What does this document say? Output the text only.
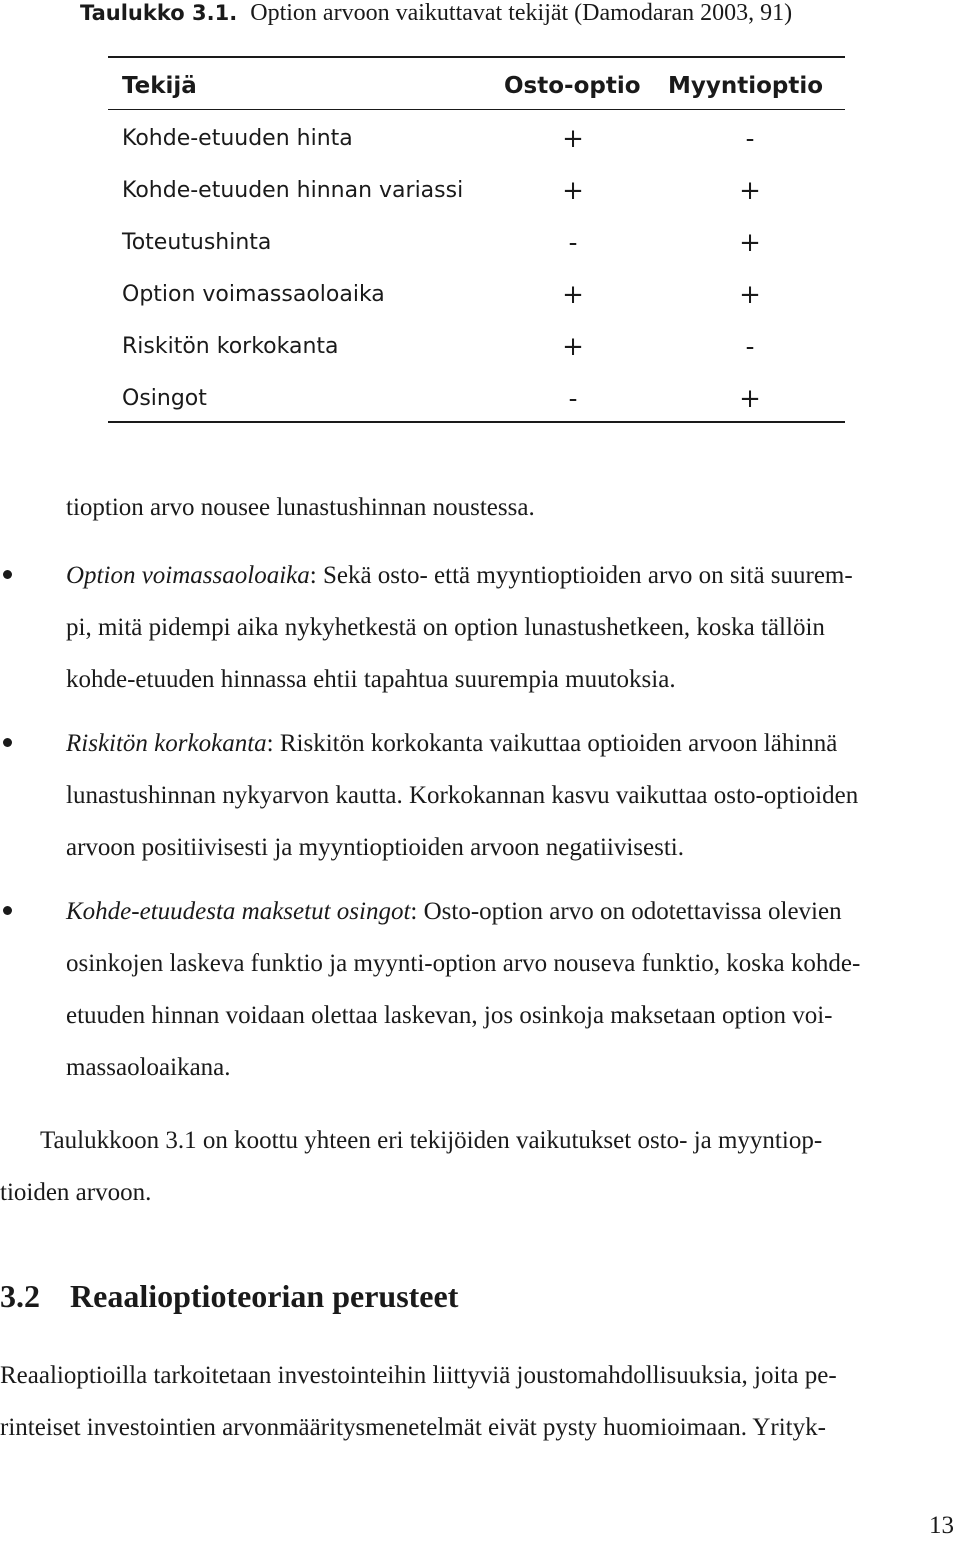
Taulukko 3.1. Option arvoon vaikuttavat tekijät (Damodaran 2003, 91)
Tekijä	Osto-optio Myyntioptio
Kohde-etuuden hinta	+	-
Kohde-etuuden hinnan variassi	+	+
Toteutushinta	-	+
Option voimassaoloaika	+	+
Riskitön korkokanta	+	-
Osingot	-	+
tioption arvo nousee lunastushinnan noustessa.
Option voimassaoloaika: Sekä osto- että myyntioptioiden arvo on sitä suurem-
pi, mitä pidempi aika nykyhetkestä on option lunastushetkeen, koska tällöin
kohde-etuuden hinnassa ehtii tapahtua suurempia muutoksia.
Riskitön korkokanta: Riskitön korkokanta vaikuttaa optioiden arvoon lähinnä
lunastushinnan nykyarvon kautta. Korkokannan kasvu vaikuttaa osto-optioiden
arvoon positiivisesti ja myyntioptioiden arvoon negatiivisesti.
Kohde-etuudesta maksetut osingot: Osto-option arvo on odotettavissa olevien
osinkojen laskeva funktio ja myynti-option arvo nouseva funktio, koska kohde-
etuuden hinnan voidaan olettaa laskevan, jos osinkoja maksetaan option voi-
massaoloaikana.
Taulukkoon 3.1 on koottu yhteen eri tekijöiden vaikutukset osto- ja myyntiop-
tioiden arvoon.
3.2 Reaalioptioteorian perusteet
Reaalioptioilla tarkoitetaan investointeihin liittyviä joustomahdollisuuksia, joita pe-
rinteiset investointien arvonmääritysmenetelmät eivät pysty huomioimaan. Yrityk-
13
